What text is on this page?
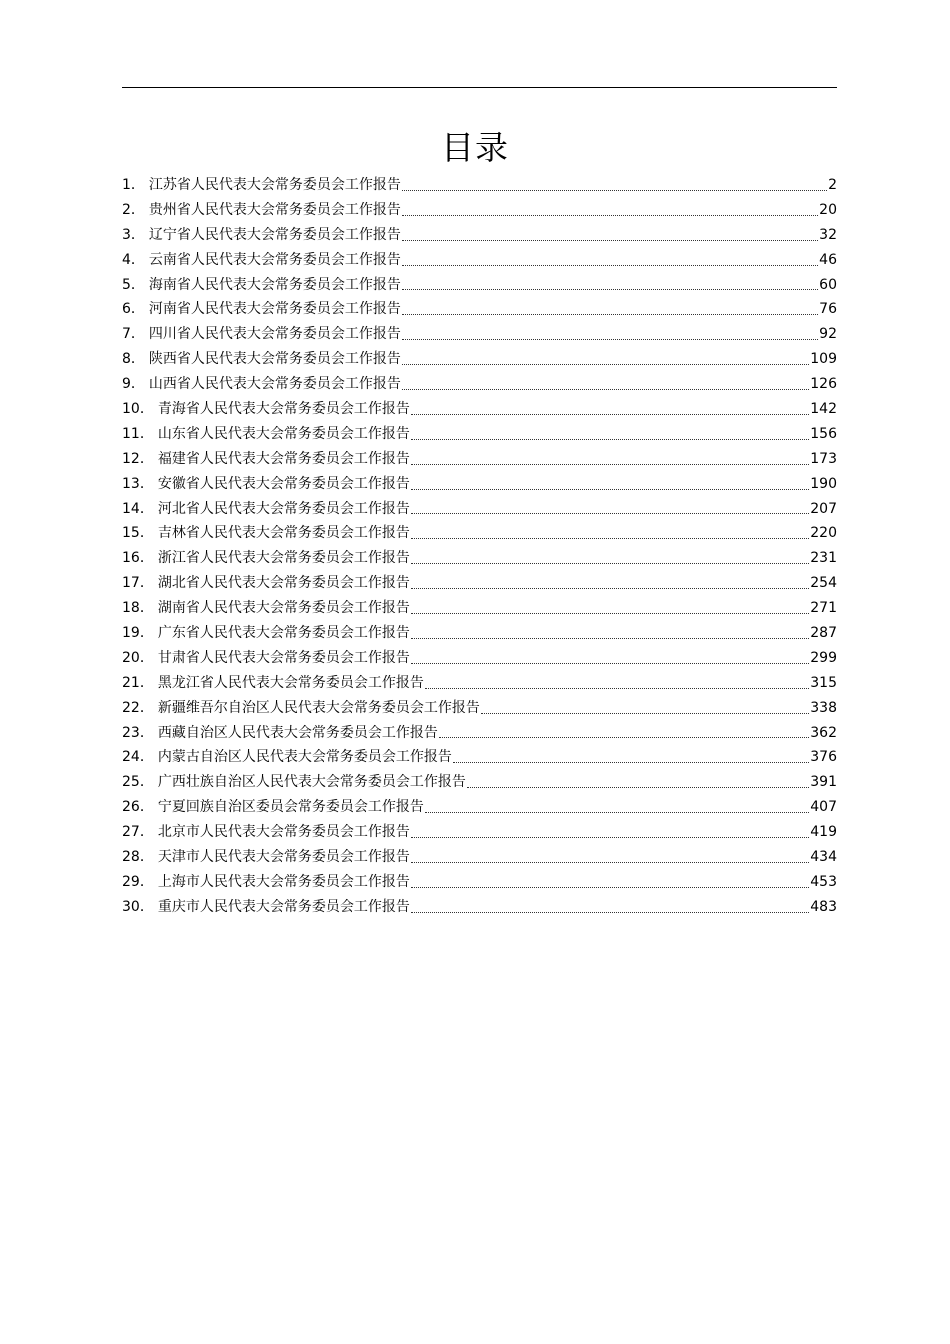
目录
1． 江苏省人民代表大会常务委员会工作报告	2
2． 贵州省人民代表大会常务委员会工作报告	20
3． 辽宁省人民代表大会常务委员会工作报告	32
4． 云南省人民代表大会常务委员会工作报告	46
5． 海南省人民代表大会常务委员会工作报告	60
6． 河南省人民代表大会常务委员会工作报告	76
7． 四川省人民代表大会常务委员会工作报告	92
8． 陕西省人民代表大会常务委员会工作报告	109
9． 山西省人民代表大会常务委员会工作报告	126
10． 青海省人民代表大会常务委员会工作报告	142
11． 山东省人民代表大会常务委员会工作报告	156
12． 福建省人民代表大会常务委员会工作报告	173
13． 安徽省人民代表大会常务委员会工作报告	190
14． 河北省人民代表大会常务委员会工作报告	207
15． 吉林省人民代表大会常务委员会工作报告	220
16． 浙江省人民代表大会常务委员会工作报告	231
17． 湖北省人民代表大会常务委员会工作报告	254
18． 湖南省人民代表大会常务委员会工作报告	271
19． 广东省人民代表大会常务委员会工作报告	287
20． 甘肃省人民代表大会常务委员会工作报告	299
21． 黑龙江省人民代表大会常务委员会工作报告	315
22． 新疆维吾尔自治区人民代表大会常务委员会工作报告	338
23． 西藏自治区人民代表大会常务委员会工作报告	362
24． 内蒙古自治区人民代表大会常务委员会工作报告	376
25． 广西壮族自治区人民代表大会常务委员会工作报告	391
26． 宁夏回族自治区委员会常务委员会工作报告	407
27． 北京市人民代表大会常务委员会工作报告	419
28． 天津市人民代表大会常务委员会工作报告	434
29． 上海市人民代表大会常务委员会工作报告	453
30． 重庆市人民代表大会常务委员会工作报告	483
